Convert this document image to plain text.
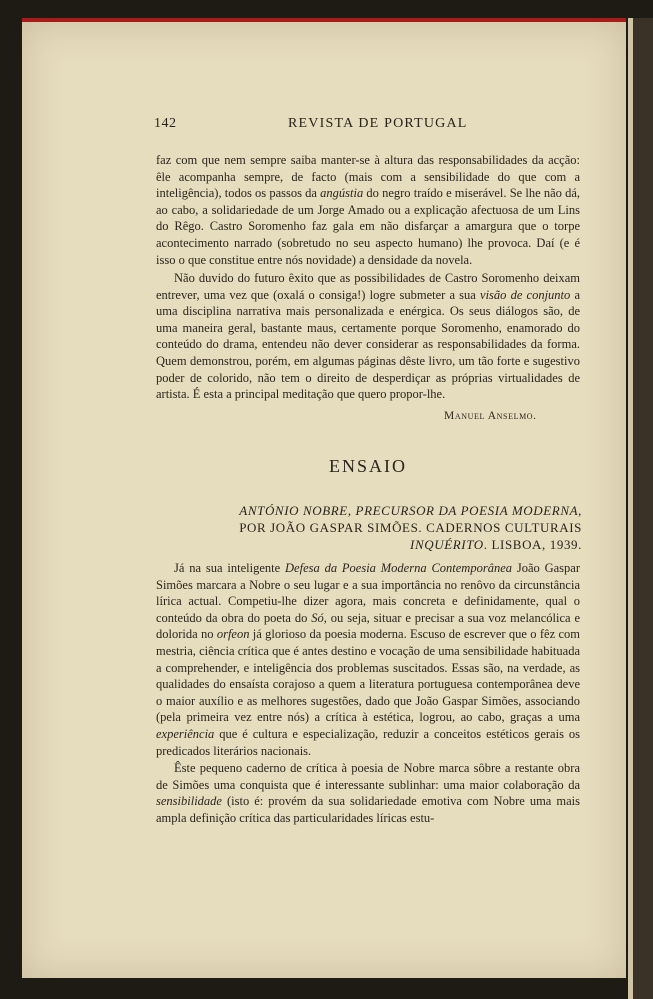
142	REVISTA DE PORTUGAL

faz com que nem sempre saiba manter-se à altura das responsabilidades da acção: êle acompanha sempre, de facto (mais com a sensibilidade do que com a inteligência), todos os passos da angústia do negro traído e miserável. Se lhe não dá, ao cabo, a solidariedade de um Jorge Amado ou a explicação afectuosa de um Lins do Rêgo. Castro Soromenho faz gala em não disfarçar a amargura que o torpe acontecimento narrado (sobretudo no seu aspecto humano) lhe provoca. Daí (e é isso o que constitue entre nós novidade) a densidade da novela.

Não duvido do futuro êxito que as possibilidades de Castro Soromenho deixam entrever, uma vez que (oxalá o consiga!) logre submeter a sua visão de conjunto a uma disciplina narrativa mais personalizada e enérgica. Os seus diálogos são, de uma maneira geral, bastante maus, certamente porque Soromenho, enamorado do conteúdo do drama, entendeu não dever considerar as responsabilidades da forma. Quem demonstrou, porém, em algumas páginas dêste livro, um tão forte e sugestivo poder de colorido, não tem o direito de desperdiçar as próprias virtualidades de artista. É esta a principal meditação que quero propor-lhe.

Manuel Anselmo.
ENSAIO
ANTÓNIO NOBRE, PRECURSOR DA POESIA MODERNA, POR JOÃO GASPAR SIMÕES. CADERNOS CULTURAIS INQUÉRITO. LISBOA, 1939.

Já na sua inteligente Defesa da Poesia Moderna Contemporânea João Gaspar Simões marcara a Nobre o seu lugar e a sua importância no renôvo da circunstância lírica actual. Competiu-lhe dizer agora, mais concreta e definidamente, qual o conteúdo da obra do poeta do Só, ou seja, situar e precisar a sua voz melancólica e dolorida no orfeon já glorioso da poesia moderna. Escuso de escrever que o fêz com mestria, ciência crítica que é antes destino e vocação de uma sensibilidade habituada a comprehender, e inteligência dos problemas suscitados. Essas são, na verdade, as qualidades do ensaísta corajoso a quem a literatura portuguesa contemporânea deve o maior auxílio e as melhores sugestões, dado que João Gaspar Simões, associando (pela primeira vez entre nós) a crítica à estética, logrou, ao cabo, graças a uma experiência que é cultura e especialização, reduzir a conceitos estéticos gerais os predicados literários nacionais.

Êste pequeno caderno de crítica à poesia de Nobre marca sôbre a restante obra de Simões uma conquista que é interessante sublinhar: uma maior colaboração da sensibilidade (isto é: provém da sua solidariedade emotiva com Nobre uma mais ampla definição crítica das particularidades líricas estu-
